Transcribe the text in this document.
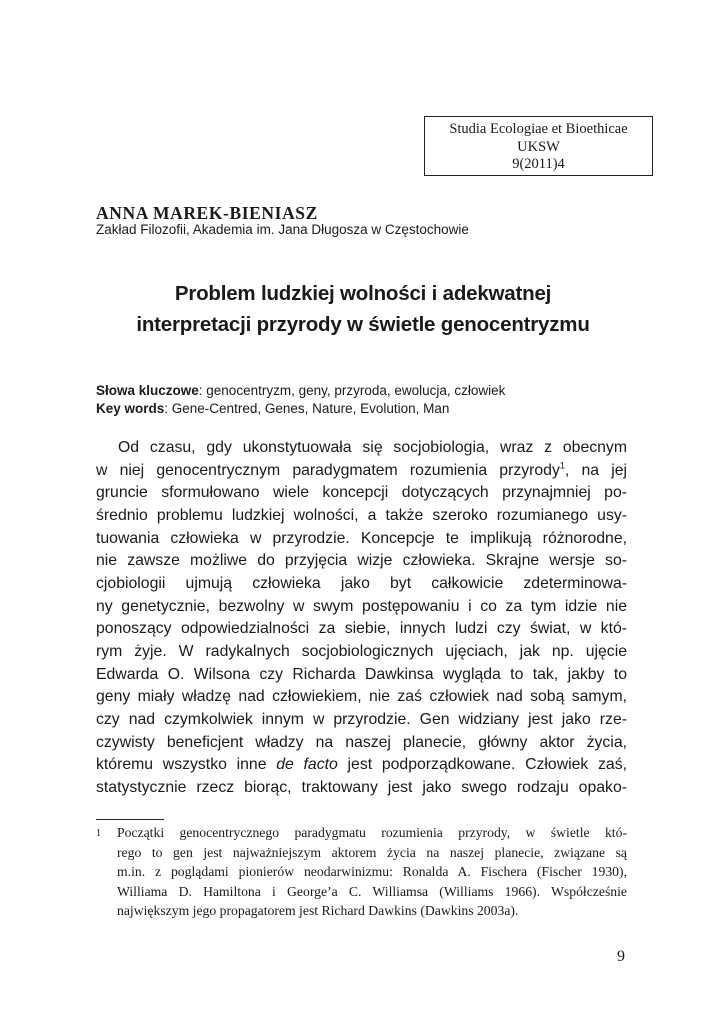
Studia Ecologiae et Bioethicae
UKSW
9(2011)4
ANNA MAREK-BIENIASZ
Zakład Filozofii, Akademia im. Jana Długosza w Częstochowie
Problem ludzkiej wolności i adekwatnej
interpretacji przyrody w świetle genocentryzmu
Słowa kluczowe: genocentryzm, geny, przyroda, ewolucja, człowiek
Key words: Gene-Centred, Genes, Nature, Evolution, Man
Od czasu, gdy ukonstytuowała się socjobiologia, wraz z obecnym
w niej genocentrycznym paradygmatem rozumienia przyrody$^1$, na jej
gruncie sformułowano wiele koncepcji dotyczących przynajmniej po-
średnio problemu ludzkiej wolności, a także szeroko rozumianego usy-
tuowania człowieka w przyrodzie. Koncepcje te implikują różnorodne,
nie zawsze możliwe do przyjęcia wizje człowieka. Skrajne wersje so-
cjobiologii ujmują człowieka jako byt całkowicie zdeterminowa-
ny genetycznie, bezwolny w swym postępowaniu i co za tym idzie nie
ponoszący odpowiedzialności za siebie, innych ludzi czy świat, w któ-
rym żyje. W radykalnych socjobiologicznych ujęciach, jak np. ujęcie
Edwarda O. Wilsona czy Richarda Dawkinsa wygląda to tak, jakby to
geny miały władzę nad człowiekiem, nie zaś człowiek nad sobą samym,
czy nad czymkolwiek innym w przyrodzie. Gen widziany jest jako rze-
czywisty beneficjent władzy na naszej planecie, główny aktor życia,
któremu wszystko inne de facto jest podporządkowane. Człowiek zaś,
statystycznie rzecz biorąc, traktowany jest jako swego rodzaju opako-
1 Początki genocentrycznego paradygmatu rozumienia przyrody, w świetle któ-
rego to gen jest najważniejszym aktorem życia na naszej planecie, związane są
m.in. z poglądami pionierów neodarwinizmu: Ronalda A. Fischera (Fischer 1930),
Williama D. Hamiltona i George’a C. Williamsa (Williams 1966). Współcześnie
największym jego propagatorem jest Richard Dawkins (Dawkins 2003a).
9
